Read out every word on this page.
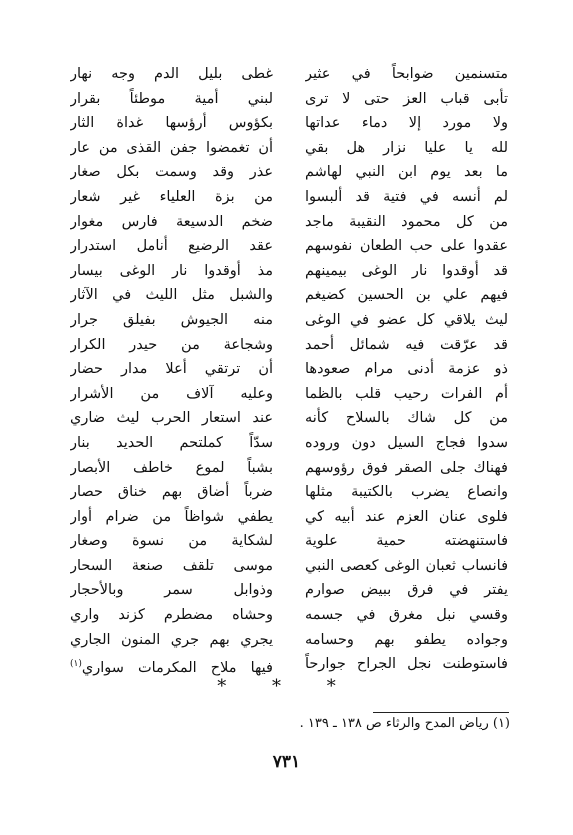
متسنمين ضوابحاً في عثير
غطى بليل الدم وجه نهار
تأبى قباب العز حتى لا ترى
لبني أمية موطئاً بقرار
ولا مورد إلا دماء عداتها
بكؤوس أرؤسها غداة الثار
لله يا عليا نزار هل بقي
أن تغمضوا جفن القذى من عار
ما بعد يوم ابن النبي لهاشم
عذر وقد وسمت بكل صغار
لم أنسه في فتية قد ألبسوا
من بزة العلياء غير شعار
من كل محمود النقيبة ماجد
ضخم الدسيعة فارس مغوار
عقدوا على حب الطعان نفوسهم
عقد الرضيع أنامل استدرار
قد أوقدوا نار الوغى بيمينهم
مذ أوقدوا نار الوغى بيسار
فيهم علي بن الحسين كضيغم
والشبل مثل الليث في الآثار
ليث يلاقي كل عضو في الوغى
منه الجيوش بفيلق جرار
قد عرّقت فيه شمائل أحمد
وشجاعة من حيدر الكرار
ذو عزمة أدنى مرام صعودها
أن ترتقي أعلا مدار حضار
أم الفرات رحيب قلب بالظما
وعليه آلاف من الأشرار
من كل شاك بالسلاح كأنه
عند استعار الحرب ليث ضاري
سدوا فجاج السيل دون وروده
سدّاً كملتحم الحديد بنار
فهناك جلى الصقر فوق رؤوسهم
بشباً لموع خاطف الأبصار
وانصاع يضرب بالكتيبة مثلها
ضرباً أضاق بهم خناق حصار
فلوى عنان العزم عند أبيه كي
يطفي شواظاً من ضرام أوار
فاستنهضته حمية علوية
لشكاية من نسوة وصغار
فانساب ثعبان الوغى كعصى النبي
موسى تلقف صنعة السحار
يفتر في فرق ببيض صوارم
وذوابل سمر وبالأحجار
وقسي نبل مغرق في جسمه
وحشاه مضطرم كزند واري
وجواده يطفو بهم وحسامه
يجري بهم جري المنون الجاري
فاستوطنت نجل الجراح جوارحاً
فيها ملاح المكرمات سواري$^{(١)}$
* * *
(١) رياض المدح والرثاء ص ١٣٨ ـ ١٣٩ .
٧٣١
